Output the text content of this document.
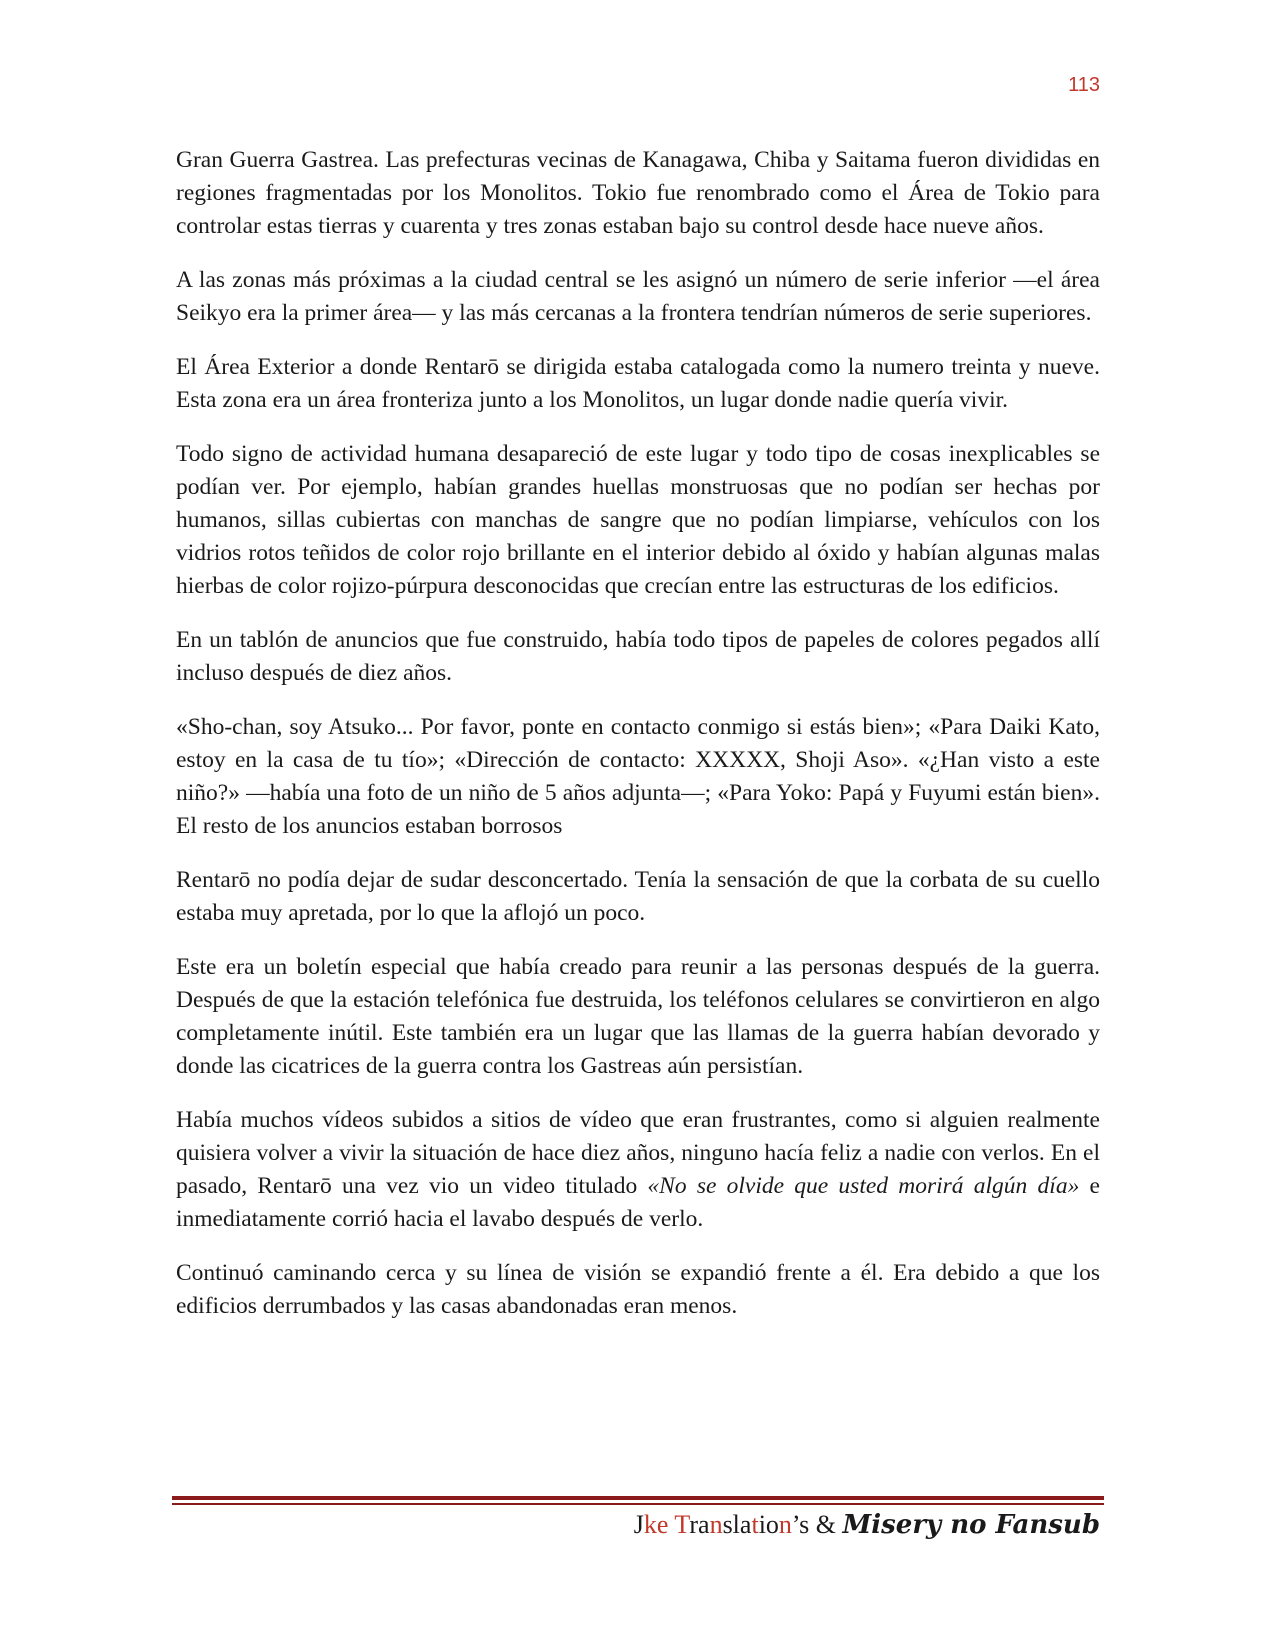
113

Gran Guerra Gastrea. Las prefecturas vecinas de Kanagawa, Chiba y Saitama fueron divididas en regiones fragmentadas por los Monolitos. Tokio fue renombrado como el Área de Tokio para controlar estas tierras y cuarenta y tres zonas estaban bajo su control desde hace nueve años.

A las zonas más próximas a la ciudad central se les asignó un número de serie inferior —el área Seikyo era la primer área— y las más cercanas a la frontera tendrían números de serie superiores.

El Área Exterior a donde Rentarō se dirigida estaba catalogada como la numero treinta y nueve. Esta zona era un área fronteriza junto a los Monolitos, un lugar donde nadie quería vivir.

Todo signo de actividad humana desapareció de este lugar y todo tipo de cosas inexplicables se podían ver. Por ejemplo, habían grandes huellas monstruosas que no podían ser hechas por humanos, sillas cubiertas con manchas de sangre que no podían limpiarse, vehículos con los vidrios rotos teñidos de color rojo brillante en el interior debido al óxido y habían algunas malas hierbas de color rojizo-púrpura desconocidas que crecían entre las estructuras de los edificios.

En un tablón de anuncios que fue construido, había todo tipos de papeles de colores pegados allí incluso después de diez años.

«Sho-chan, soy Atsuko... Por favor, ponte en contacto conmigo si estás bien»; «Para Daiki Kato, estoy en la casa de tu tío»; «Dirección de contacto: XXXXX, Shoji Aso». «¿Han visto a este niño?» —había una foto de un niño de 5 años adjunta—; «Para Yoko: Papá y Fuyumi están bien». El resto de los anuncios estaban borrosos

Rentarō no podía dejar de sudar desconcertado. Tenía la sensación de que la corbata de su cuello estaba muy apretada, por lo que la aflojó un poco.

Este era un boletín especial que había creado para reunir a las personas después de la guerra. Después de que la estación telefónica fue destruida, los teléfonos celulares se convirtieron en algo completamente inútil. Este también era un lugar que las llamas de la guerra habían devorado y donde las cicatrices de la guerra contra los Gastreas aún persistían.

Había muchos vídeos subidos a sitios de vídeo que eran frustrantes, como si alguien realmente quisiera volver a vivir la situación de hace diez años, ninguno hacía feliz a nadie con verlos. En el pasado, Rentarō una vez vio un video titulado «No se olvide que usted morirá algún día» e inmediatamente corrió hacia el lavabo después de verlo.

Continuó caminando cerca y su línea de visión se expandió frente a él. Era debido a que los edificios derrumbados y las casas abandonadas eran menos.

Jke Translation’s & Misery no Fansub
